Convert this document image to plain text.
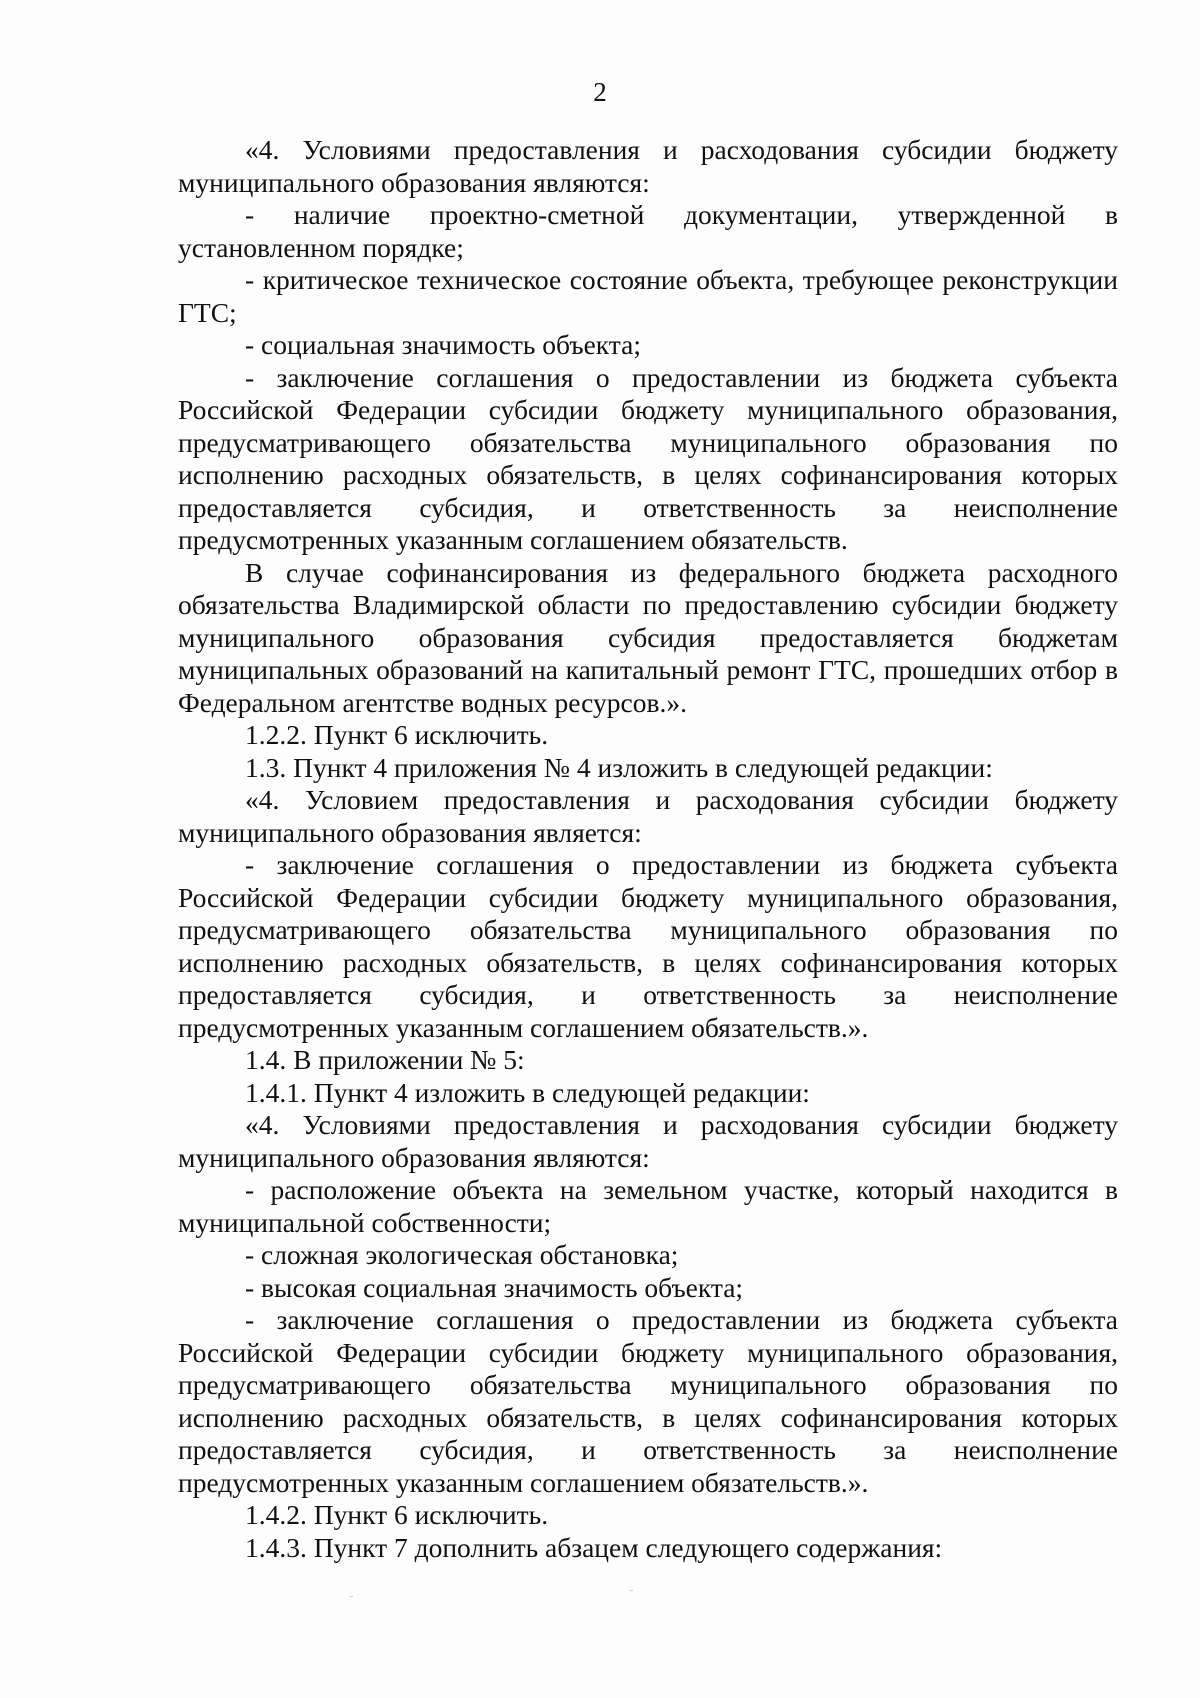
2

«4. Условиями предоставления и расходования субсидии бюджету муниципального образования являются:

- наличие проектно-сметной документации, утвержденной в установленном порядке;

- критическое техническое состояние объекта, требующее реконструкции ГТС;

- социальная значимость объекта;

- заключение соглашения о предоставлении из бюджета субъекта Российской Федерации субсидии бюджету муниципального образования, предусматривающего обязательства муниципального образования по исполнению расходных обязательств, в целях софинансирования которых предоставляется субсидия, и ответственность за неисполнение предусмотренных указанным соглашением обязательств.

В случае софинансирования из федерального бюджета расходного обязательства Владимирской области по предоставлению субсидии бюджету муниципального образования субсидия предоставляется бюджетам муниципальных образований на капитальный ремонт ГТС, прошедших отбор в Федеральном агентстве водных ресурсов.».

1.2.2. Пункт 6 исключить.

1.3. Пункт 4 приложения № 4 изложить в следующей редакции:

«4. Условием предоставления и расходования субсидии бюджету муниципального образования является:

- заключение соглашения о предоставлении из бюджета субъекта Российской Федерации субсидии бюджету муниципального образования, предусматривающего обязательства муниципального образования по исполнению расходных обязательств, в целях софинансирования которых предоставляется субсидия, и ответственность за неисполнение предусмотренных указанным соглашением обязательств.».

1.4. В приложении № 5:

1.4.1. Пункт 4 изложить в следующей редакции:

«4. Условиями предоставления и расходования субсидии бюджету муниципального образования являются:

- расположение объекта на земельном участке, который находится в муниципальной собственности;

- сложная экологическая обстановка;

- высокая социальная значимость объекта;

- заключение соглашения о предоставлении из бюджета субъекта Российской Федерации субсидии бюджету муниципального образования, предусматривающего обязательства муниципального образования по исполнению расходных обязательств, в целях софинансирования которых предоставляется субсидия, и ответственность за неисполнение предусмотренных указанным соглашением обязательств.».

1.4.2. Пункт 6 исключить.

1.4.3. Пункт 7 дополнить абзацем следующего содержания:
